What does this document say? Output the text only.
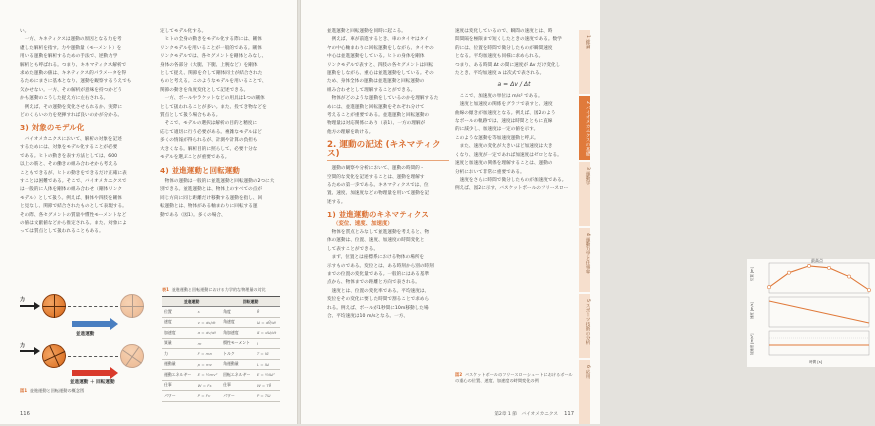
い。
　一方、キネティクスは運動の原因となる力を考
慮した解析を指す。力や運動量（モーメント）を
用いる運動を解析するための手法で、逆動力学
解析とも呼ばれる。つまり、キネマティクス解析で
求めた運動の値は、キネティクス的パラメータを得
るためにまさに基本となり、運動を観察するうえでも
欠かせない。一方、その解析が意味を持つかどう
かも運動のこうした捉え方に左右される。
　例えば、その運動を変化させられるか、実際に
どのくらいの力を発揮すれば良いのかが分かる。
3) 対象のモデル化
　バイオメカニクスにおいて、解析の対象を記述
するためには、対象をモデル化することが必要
である。ヒトの動きを表す方法としては、600
以上の筋と、その働きの組み合わせから考える
こともできるが、ヒトの動きをできるだけ正確に表
すことは困難である。そこで、バイオメカニクスで
は一般的に人体を剛体の組み合わせ（剛体リンク
モデル）として扱う。例えば、胴体や四肢を剛体
と見なし、関節で結合されたものとして表現する。
その際、各セグメントの質量や慣性モーメントなど
の値は文献値などから推定される。また、対象によ
っては質点として扱われることもある。
力
並進運動
力
並進運動 ＋ 回転運動
図1 並進運動と回転運動の概念図
定してモデル化する。
　ヒトの全身の動きをモデル化する際には、剛体
リンクモデルを用いることが一般的である。剛体
リンクモデルでは、各セグメントを剛体とみなし、
身体の各部分（大腿、下腿、上腕など）を剛体
として捉え、関節を介して剛体同士が結合された
ものと考える。このようなモデルを用いることで、
関節の動きを角度変化として記述できる。
　一方、ボールやラケットなどの用具は1つの剛体
として扱われることが多い。また、投てき物などを
質点として扱う場合もある。
　そこで、モデルの選択は解析の目的と精度に
応じて適切に行う必要がある。複雑なモデルほど
多くの情報が得られるが、計測や計算の負担も
大きくなる。解析目的に照らして、必要十分な
モデルを選ぶことが重要である。
4) 並進運動と回転運動
　物体の運動は一般的に並進運動と回転運動の2つに大
別できる。並進運動とは、物体上のすべての点が
同じ方向に同じ距離だけ移動する運動を指し、回
転運動とは、物体がある軸まわりに回転する運
動である（図1）。多くの場合、
表1 並進運動と回転運動における力学的な物理量の対比
並進運動		回転運動	
位置	s	角度	θ
速度	v = ds/dt	角速度	ω = dθ/dt
加速度	a = dv/dt	角加速度	α = dω/dt
質量	m	慣性モーメント	I
力	F = ma	トルク	T = Iα
運動量	p = mv	角運動量	L = Iω
運動エネルギー	E = ½mv²	回転エネルギー	E = ½Iω²
仕事	W = Fs	仕事	W = Tθ
パワー	P = Fv	パワー	P = Tω
116
並進運動と回転運動を同時に起こる。
　例えば、車が前進するとき、車のタイヤはタイ
ヤの中心軸まわりに回転運動をしながら、タイヤの
中心は並進運動をしている。ヒトの身体を剛体
リンクモデルで表すと、四肢の各セグメントは回転
運動をしながら、重心は並進運動をしている。その
ため、身体全体の運動は並進運動と回転運動の
組み合わせとして理解することができる。
　物体がどのような運動をしているのかを理解するた
めには、並進運動と回転運動をそれぞれ分けて
考えることが重要である。並進運動と回転運動の
物理量は対応関係にあり（表1）、一方の理解が
他方の理解を助ける。
2. 運動の記述 (キネマティクス)
　運動の観察や分析において、運動の時間的・
空間的な変化を記述することは、運動を理解す
るための第一歩である。キネマティクスでは、位
置、速度、加速度などの物理量を用いて運動を記
述する。
1) 並進運動のキネマティクス
（変位、速度、加速度）
　物体を質点とみなして並進運動を考えると、物
体の運動は、位置、速度、加速度の時間変化と
して表すことができる。
　まず、位置とは座標系における物体の場所を
示すものである。変位とは、ある時刻から別の時刻
までの位置の変化量である。一般的にはある基準
点から、物体までの距離と方向で表される。
　速度とは、位置の変化率である。平均速度は、
変位をその変化に要した時間で割ることで求めら
れる。例えば、ボールが1秒間に10m移動した場
合、平均速度は10 m/sとなる。一方、
速度は変化しているので、瞬間の速度とは、時
間間隔を極限まで短くしたときの速度である。数学
的には、位置を時間で微分したものが瞬間速度
となる。平均加速度も同様に求められる。
つまり、ある時間 Δt の間に速度が Δv だけ変化し
たとき、平均加速度 a は次式で表される。
a = Δv / Δt
　ここで、加速度の単位は m/s² である。
　速度と加速度の関係をグラフで表すと、速度
曲線の傾きが加速度となる。例えば、図2のよう
なボールの軌跡では、速度は時間とともに直線
的に減少し、加速度は一定の値を示す。
このような運動を等加速度運動と呼ぶ。
　また、速度の変化が大きいほど加速度は大き
くなり、速度が一定であれば加速度はゼロとなる。
速度と加速度の関係を理解することは、運動の
分析において非常に重要である。
　速度をさらに時間で微分したものが加速度である。
例えば、図2に示す、バスケットボールのフリースロー
最高点
位置 [m]
速度 [m/s]
加速度 [m/s²]
時間 [s]
図2 バスケットボールのフリースローシュートにおけるボールの重心の位置、速度、加速度の時間変化の例
第2章 1 節　バイオメカニクス 117
1 総論
2 バイオメカニクスの基礎
3 運動学
4 運動力学と仕事率
5 スポーツ技術の分析
6 応用
